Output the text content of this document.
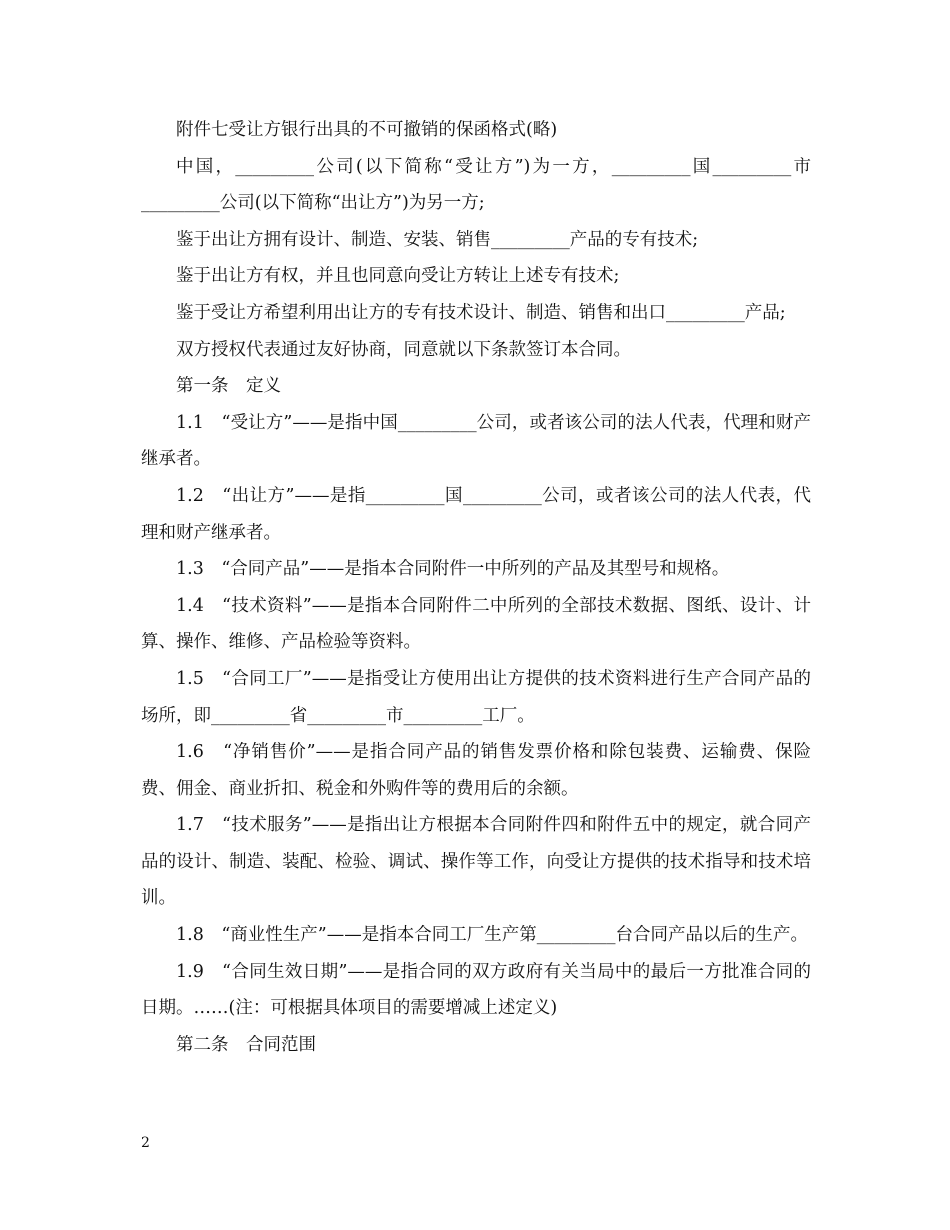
附件七受让方银行出具的不可撤销的保函格式(略)

中国，_________公司(以下简称“受让方”)为一方，_________国_________市_________公司(以下简称“出让方”)为另一方;

鉴于出让方拥有设计、制造、安装、销售_________产品的专有技术;

鉴于出让方有权，并且也同意向受让方转让上述专有技术;

鉴于受让方希望利用出让方的专有技术设计、制造、销售和出口_________产品;

双方授权代表通过友好协商，同意就以下条款签订本合同。

第一条　定义

1.1　“受让方”——是指中国_________公司，或者该公司的法人代表，代理和财产继承者。

1.2　“出让方”——是指_________国_________公司，或者该公司的法人代表，代理和财产继承者。

1.3　“合同产品”——是指本合同附件一中所列的产品及其型号和规格。

1.4　“技术资料”——是指本合同附件二中所列的全部技术数据、图纸、设计、计算、操作、维修、产品检验等资料。

1.5　“合同工厂”——是指受让方使用出让方提供的技术资料进行生产合同产品的场所，即_________省_________市_________工厂。

1.6　“净销售价”——是指合同产品的销售发票价格和除包装费、运输费、保险费、佣金、商业折扣、税金和外购件等的费用后的余额。

1.7　“技术服务”——是指出让方根据本合同附件四和附件五中的规定，就合同产品的设计、制造、装配、检验、调试、操作等工作，向受让方提供的技术指导和技术培训。

1.8　“商业性生产”——是指本合同工厂生产第_________台合同产品以后的生产。

1.9　“合同生效日期”——是指合同的双方政府有关当局中的最后一方批准合同的日期。……(注：可根据具体项目的需要增减上述定义)

第二条　合同范围

2
